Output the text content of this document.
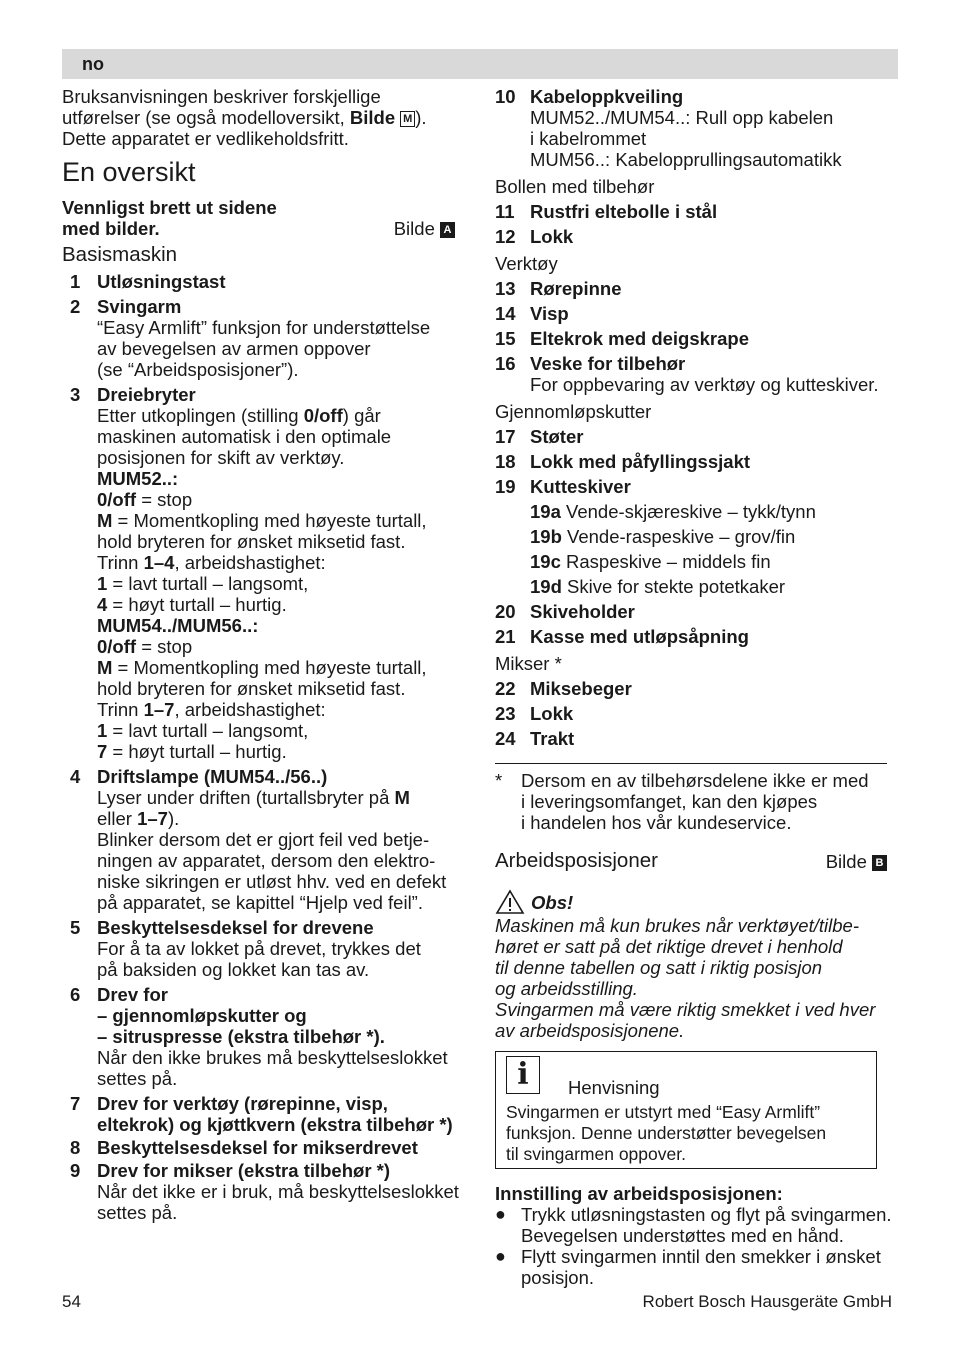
no

Bruksanvisningen beskriver forskjellige

utførelser (se også modelloversikt, Bilde M ).

Dette apparatet er vedlikeholdsfritt.

En oversikt

Vennligst brett ut sidene

med bilder.	Bilde A
Basismaskin
1 Utløsningstast
2 Svingarm

“Easy Armlift” funksjon for understøttelse

av bevegelsen av armen oppover

(se “Arbeidsposisjoner”).

3 Dreiebryter

Etter utkoplingen (stilling 0/off) går

maskinen automatisk i den optimale

posisjonen for skift av verktøy.

MUM52..:

0/off = stop

M = Momentkopling med høyeste turtall,

hold bryteren for ønsket miksetid fast.

Trinn 1–4, arbeidshastighet:

1 = lavt turtall – langsomt,

4 = høyt turtall – hurtig.

MUM54../MUM56..:

0/off = stop

M = Momentkopling med høyeste turtall,

hold bryteren for ønsket miksetid fast.

Trinn 1–7, arbeidshastighet:

1 = lavt turtall – langsomt,

7 = høyt turtall – hurtig.

4 Driftslampe (MUM54../56..)

Lyser under driften (turtallsbryter på M

eller 1–7).

Blinker dersom det er gjort feil ved betje-

ningen av apparatet, dersom den elektro-

niske sikringen er utløst hhv. ved en defekt

på apparatet, se kapittel “Hjelp ved feil”.

5 Beskyttelsesdeksel for drevene

For å ta av lokket på drevet, trykkes det

på baksiden og lokket kan tas av.

6 Drev for

– gjennomløpskutter og

– sitruspresse (ekstra tilbehør *).

Når den ikke brukes må beskyttelseslokket

settes på.

7 Drev for verktøy (rørepinne, visp,

eltekrok) og kjøttkvern (ekstra tilbehør *)

8 Beskyttelsesdeksel for mikserdrevet
9 Drev for mikser (ekstra tilbehør *)

Når det ikke er i bruk, må beskyttelseslokket

settes på.

10 Kabeloppkveiling

MUM52../MUM54..: Rull opp kabelen

i kabelrommet

MUM56..: Kabelopprullingsautomatikk

Bollen med tilbehør

11 Rustfri eltebolle i stål
12 Lokk

Verktøy

13 Rørepinne
14 Visp
15 Eltekrok med deigskrape
16 Veske for tilbehør

For oppbevaring av verktøy og kutteskiver.

Gjennomløpskutter

17 Støter
18 Lokk med påfyllingssjakt
19 Kutteskiver

19a Vende-skjæreskive – tykk/tynn

19b Vende-raspeskive – grov/fin

19c Raspeskive – middels fin

19d Skive for stekte potetkaker

20 Skiveholder
21 Kasse med utløpsåpning

Mikser *

22 Miksebeger
23 Lokk
24 Trakt
*	Dersom en av tilbehørsdelene ikke er med

i leveringsomfanget, kan den kjøpes

i handelen hos vår kundeservice.

Arbeidsposisjoner	Bilde B
Obs!

Maskinen må kun brukes når verktøyet/tilbe-

høret er satt på det riktige drevet i henhold

til denne tabellen og satt i riktig posisjon

og arbeidsstilling.

Svingarmen må være riktig smekket i ved hver

av arbeidsposisjonene.

i	Henvisning

Svingarmen er utstyrt med “Easy Armlift”

funksjon. Denne understøtter bevegelsen

til svingarmen oppover.

Innstilling av arbeidsposisjonen:

● Trykk utløsningstasten og flyt på svingarmen.
Bevegelsen understøttes med en hånd.
● Flytt svingarmen inntil den smekker i ønsket
posisjon.
54	Robert Bosch Hausgeräte GmbH
